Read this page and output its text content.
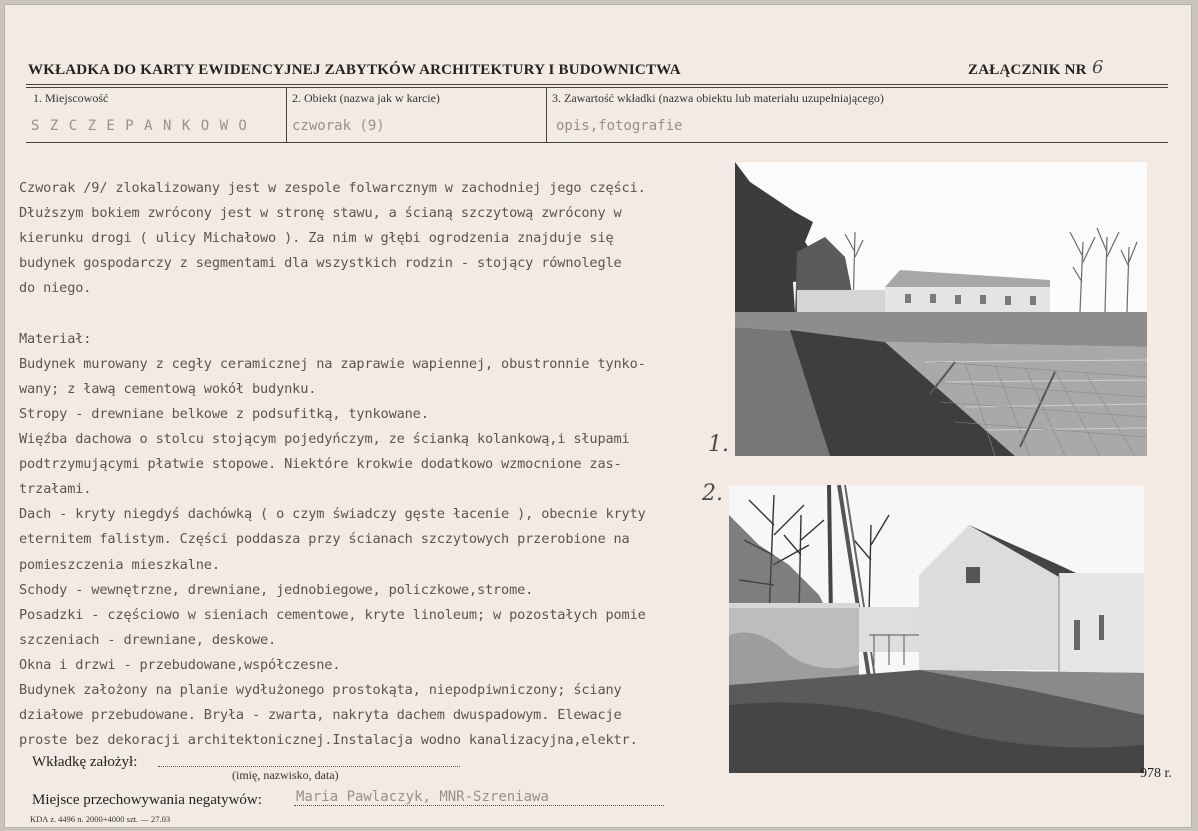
WKŁADKA DO KARTY EWIDENCYJNEJ ZABYTKÓW ARCHITEKTURY I BUDOWNICTWA	ZAŁĄCZNIK NR 6
1. Miejscowość	2. Obiekt (nazwa jak w karcie)	3. Zawartość wkładki (nazwa obiektu lub materiału uzupełniającego)
S Z C Z E P A N K O W O	czworak (9)	opis,fotografie
Czworak /9/ zlokalizowany jest w zespole folwarcznym w zachodniej jego części.
Dłuższym bokiem zwrócony jest w stronę stawu, a ścianą szczytową zwrócony w
kierunku drogi ( ulicy Michałowo ). Za nim w głębi ogrodzenia znajduje się
budynek gospodarczy z segmentami dla wszystkich rodzin - stojący równolegle
do niego.
Materiał:
Budynek murowany z cegły ceramicznej na zaprawie wapiennej, obustronnie tynko-
wany; z ławą cementową wokół budynku.
Stropy - drewniane belkowe z podsufitką, tynkowane.
Więźba dachowa o stolcu stojącym pojedyńczym, ze ścianką kolankową,i słupami
podtrzymującymi płatwie stopowe. Niektóre krokwie dodatkowo wzmocnione zas-
trzałami.
Dach - kryty niegdyś dachówką ( o czym świadczy gęste łacenie ), obecnie kryty
eternitem falistym. Części poddasza przy ścianach szczytowych przerobione na
pomieszczenia mieszkalne.
Schody - wewnętrzne, drewniane, jednobiegowe, policzkowe,strome.
Posadzki - częściowo w sieniach cementowe, kryte linoleum; w pozostałych pomie
szczeniach - drewniane, deskowe.
Okna i drzwi - przebudowane,współczesne.
Budynek założony na planie wydłużonego prostokąta, niepodpiwniczony; ściany
działowe przebudowane. Bryła - zwarta, nakryta dachem dwuspadowym. Elewacje
proste bez dekoracji architektonicznej.Instalacja wodno kanalizacyjna,elektr.
1.
2.
Wkładkę założył:
(imię, nazwisko, data)	978 r.
Miejsce przechowywania negatywów: Maria Pawlaczyk, MNR-Szreniawa
KDA z. 4496 n. 2000+4000 szt. — 27.03
